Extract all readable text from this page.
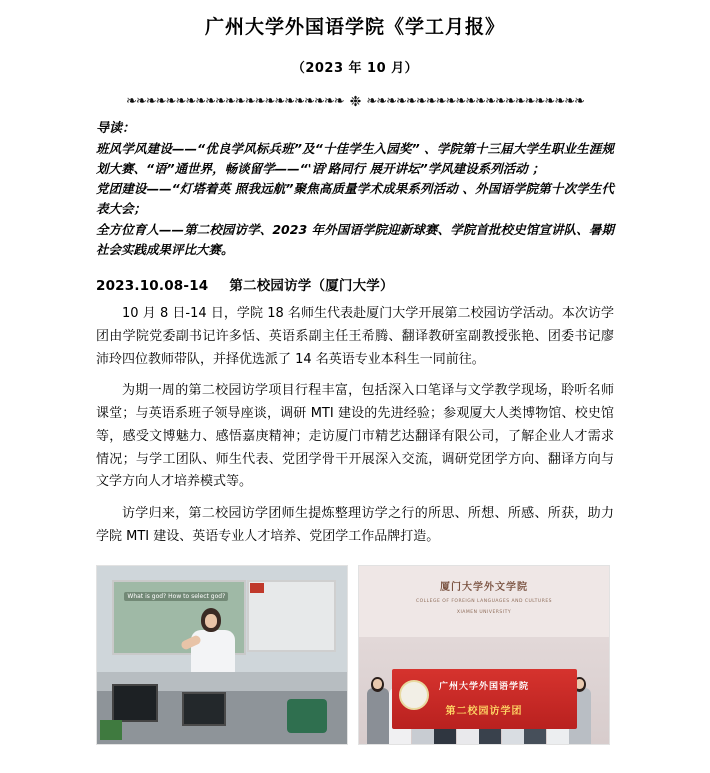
广州大学外国语学院《学工月报》
（2023 年 10 月）
❧❧❧❧❧❧❧❧❧❧❧❧❧❧❧❧❧❧❧❧❧❧ ❉ ❧❧❧❧❧❧❧❧❧❧❧❧❧❧❧❧❧❧❧❧❧❧
导读：
班风学风建设——“优良学风标兵班”及“十佳学生入园奖” 、学院第十三届大学生职业生涯规划大赛、“语”通世界，畅谈留学——“'语'路同行 展开讲坛”学风建设系列活动 ；
党团建设——“灯塔着英 照我远航”聚焦高质量学术成果系列活动 、外国语学院第十次学生代表大会；
全方位育人——第二校园访学、2023 年外国语学院迎新球赛、学院首批校史馆宣讲队、暑期社会实践成果评比大赛。
2023.10.08-14 第二校园访学（厦门大学）

10 月 8 日-14 日，学院 18 名师生代表赴厦门大学开展第二校园访学活动。本次访学团由学院党委副书记许多恬、英语系副主任王希腾、翻译教研室副教授张艳、团委书记廖沛玲四位教师带队，并择优选派了 14 名英语专业本科生一同前往。

为期一周的第二校园访学项目行程丰富，包括深入口笔译与文学教学现场，聆听名师课堂；与英语系班子领导座谈，调研 MTI 建设的先进经验；参观厦大人类博物馆、校史馆等，感受文博魅力、感悟嘉庚精神；走访厦门市精艺达翻译有限公司，了解企业人才需求情况；与学工团队、师生代表、党团学骨干开展深入交流，调研党团学方向、翻译方向与文学方向人才培养模式等。

访学归来，第二校园访学团师生提炼整理访学之行的所思、所想、所感、所获，助力学院 MTI 建设、英语专业人才培养、党团学工作品牌打造。

What is god? How to select god?
厦门大学外文学院
COLLEGE OF FOREIGN LANGUAGES AND CULTURES
XIAMEN UNIVERSITY
广州大学外国语学院
第二校园访学团
